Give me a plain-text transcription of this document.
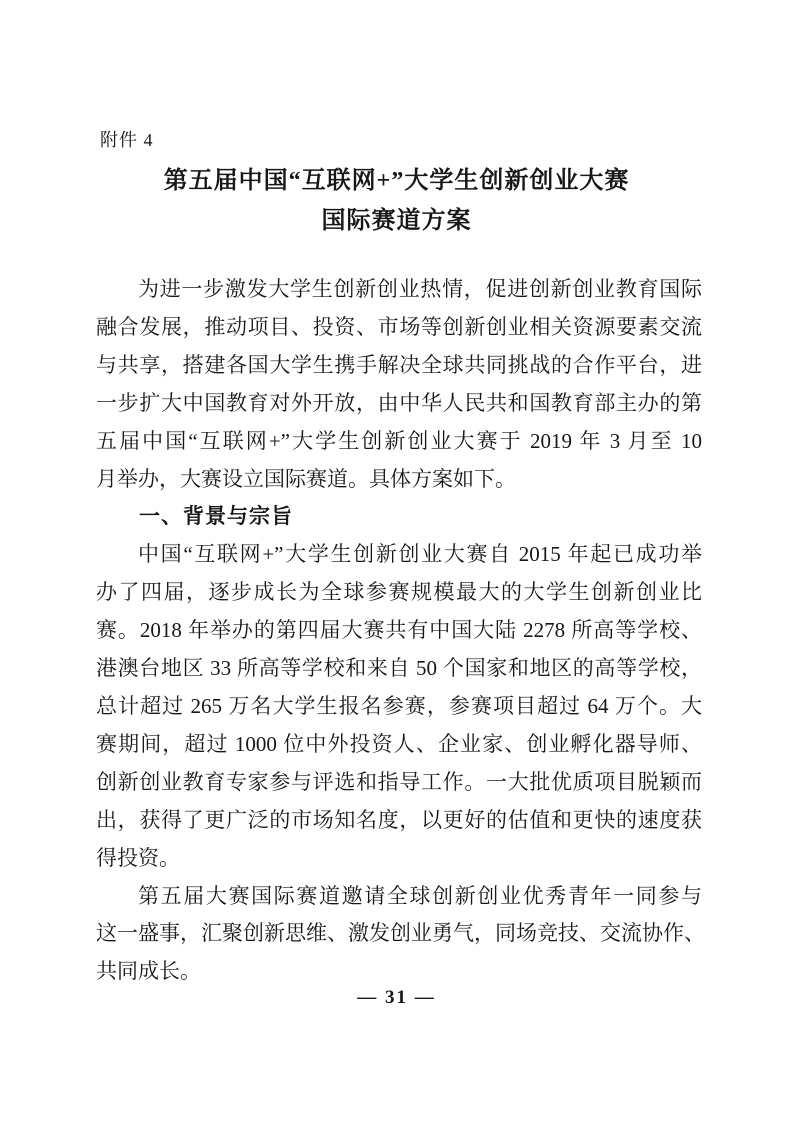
附件 4
第五届中国“互联网+”大学生创新创业大赛
国际赛道方案
为进一步激发大学生创新创业热情，促进创新创业教育国际
融合发展，推动项目、投资、市场等创新创业相关资源要素交流
与共享，搭建各国大学生携手解决全球共同挑战的合作平台，进
一步扩大中国教育对外开放，由中华人民共和国教育部主办的第
五届中国“互联网+”大学生创新创业大赛于 2019 年 3 月至 10
月举办，大赛设立国际赛道。具体方案如下。
一、背景与宗旨
中国“互联网+”大学生创新创业大赛自 2015 年起已成功举
办了四届，逐步成长为全球参赛规模最大的大学生创新创业比
赛。2018 年举办的第四届大赛共有中国大陆 2278 所高等学校、
港澳台地区 33 所高等学校和来自 50 个国家和地区的高等学校，
总计超过 265 万名大学生报名参赛，参赛项目超过 64 万个。大
赛期间，超过 1000 位中外投资人、企业家、创业孵化器导师、
创新创业教育专家参与评选和指导工作。一大批优质项目脱颖而
出，获得了更广泛的市场知名度，以更好的估值和更快的速度获
得投资。
第五届大赛国际赛道邀请全球创新创业优秀青年一同参与
这一盛事，汇聚创新思维、激发创业勇气，同场竞技、交流协作、
共同成长。
— 31 —
